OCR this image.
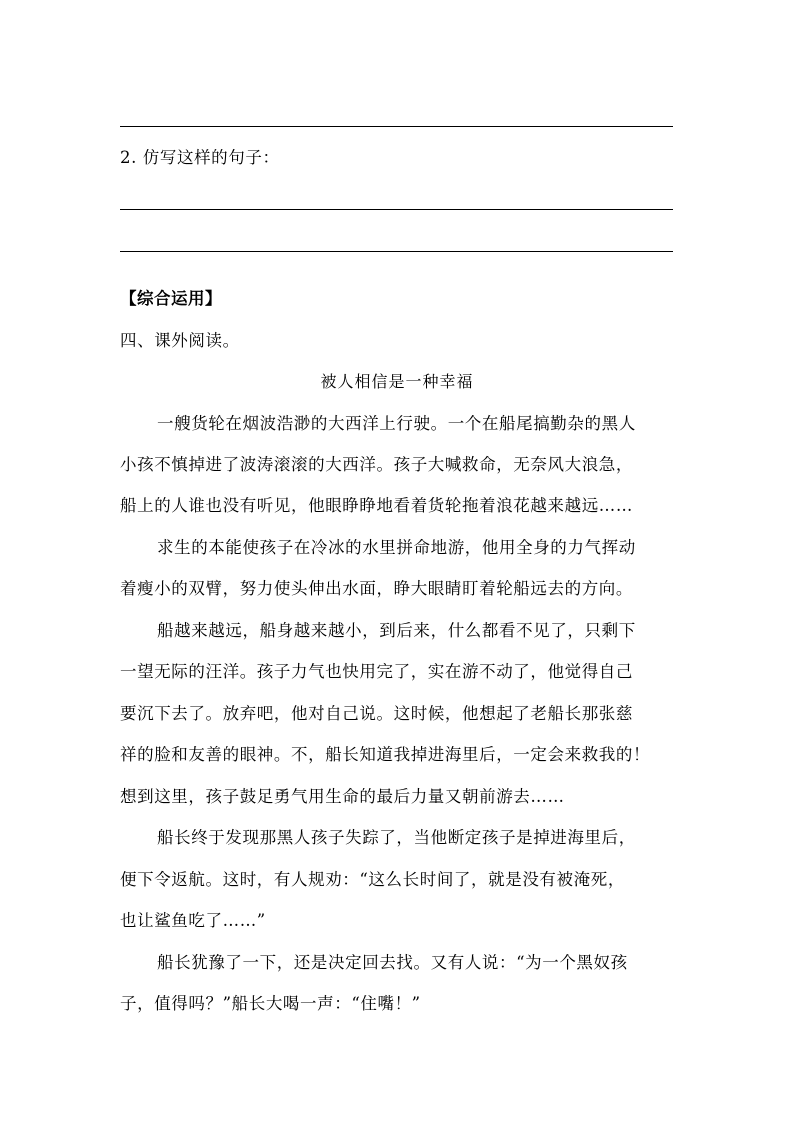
2. 仿写这样的句子：
【综合运用】
四、课外阅读。
被人相信是一种幸福
一艘货轮在烟波浩渺的大西洋上行驶。一个在船尾搞勤杂的黑人
小孩不慎掉进了波涛滚滚的大西洋。孩子大喊救命，无奈风大浪急，
船上的人谁也没有听见，他眼睁睁地看着货轮拖着浪花越来越远……
求生的本能使孩子在冷冰的水里拼命地游，他用全身的力气挥动
着瘦小的双臂，努力使头伸出水面，睁大眼睛盯着轮船远去的方向。
船越来越远，船身越来越小，到后来，什么都看不见了，只剩下
一望无际的汪洋。孩子力气也快用完了，实在游不动了，他觉得自己
要沉下去了。放弃吧，他对自己说。这时候，他想起了老船长那张慈
祥的脸和友善的眼神。不，船长知道我掉进海里后，一定会来救我的！
想到这里，孩子鼓足勇气用生命的最后力量又朝前游去……
船长终于发现那黑人孩子失踪了，当他断定孩子是掉进海里后，
便下令返航。这时，有人规劝：“这么长时间了，就是没有被淹死，
也让鲨鱼吃了……”
船长犹豫了一下，还是决定回去找。又有人说：“为一个黑奴孩
子，值得吗？”船长大喝一声：“住嘴！”
